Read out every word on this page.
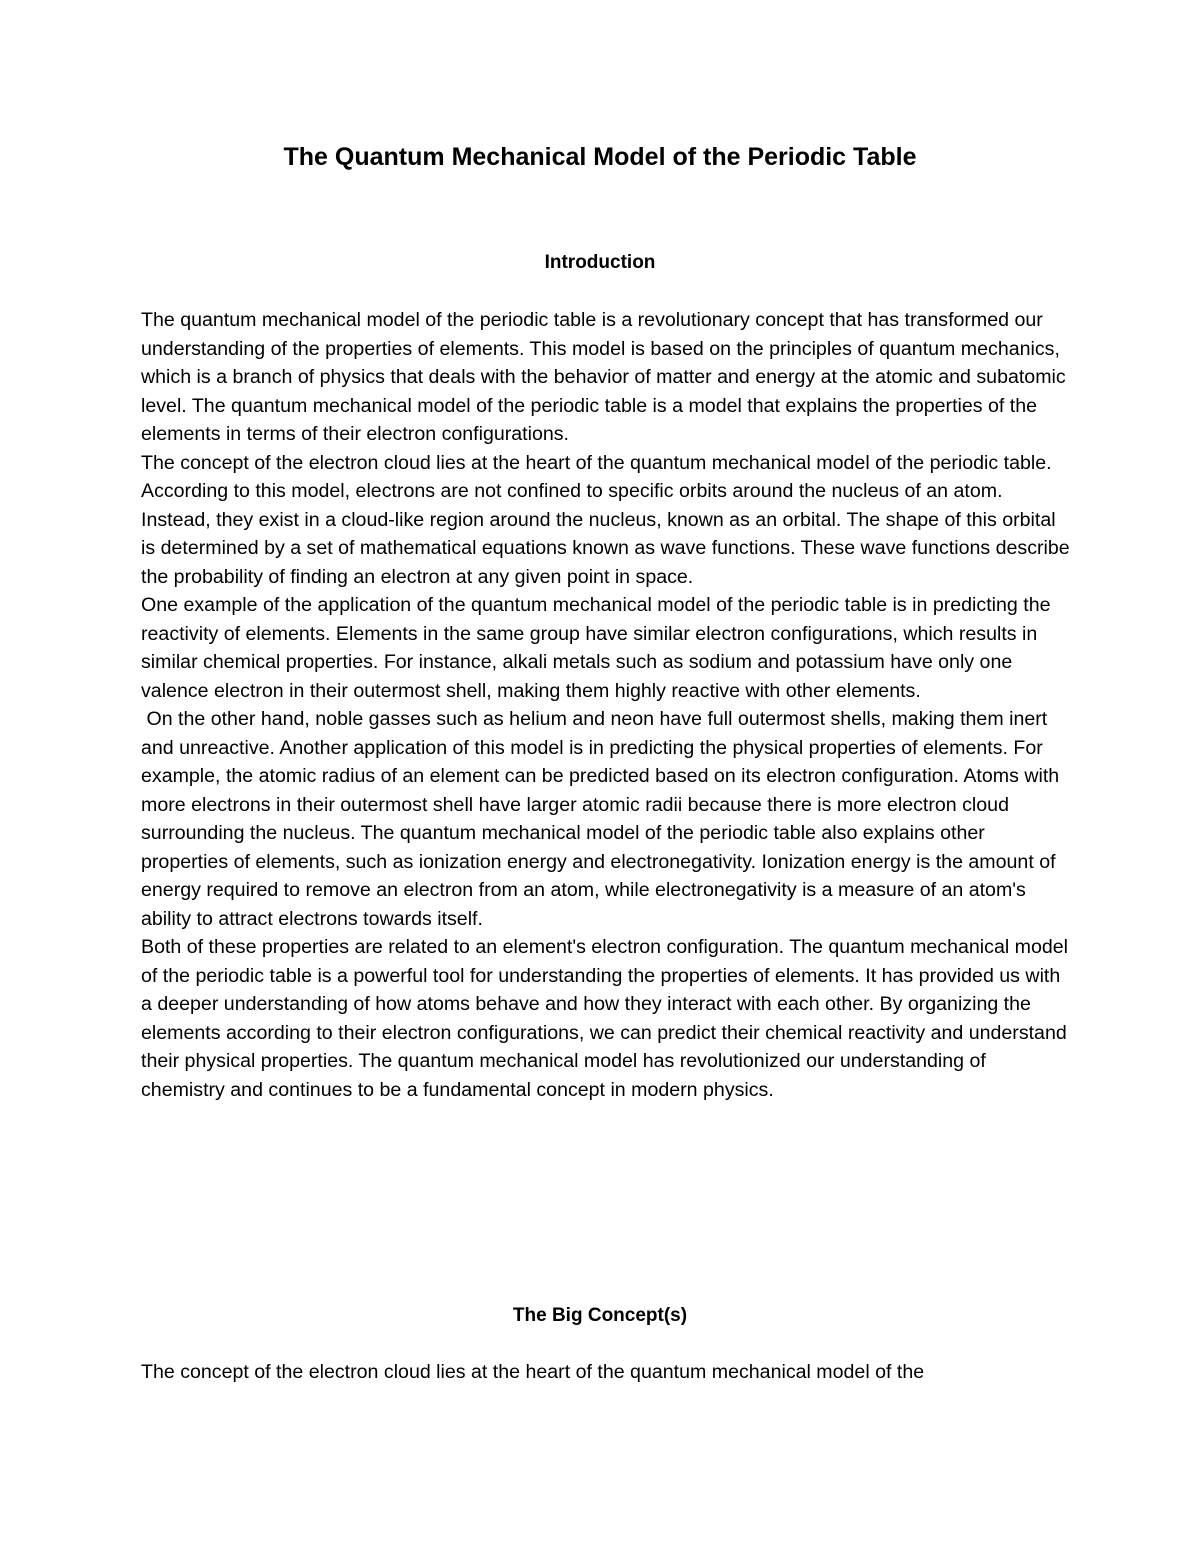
The Quantum Mechanical Model of the Periodic Table
Introduction

The quantum mechanical model of the periodic table is a revolutionary concept that has transformed our understanding of the properties of elements. This model is based on the principles of quantum mechanics, which is a branch of physics that deals with the behavior of matter and energy at the atomic and subatomic level. The quantum mechanical model of the periodic table is a model that explains the properties of the elements in terms of their electron configurations.

The concept of the electron cloud lies at the heart of the quantum mechanical model of the periodic table. According to this model, electrons are not confined to specific orbits around the nucleus of an atom. Instead, they exist in a cloud-like region around the nucleus, known as an orbital. The shape of this orbital is determined by a set of mathematical equations known as wave functions. These wave functions describe the probability of finding an electron at any given point in space.

One example of the application of the quantum mechanical model of the periodic table is in predicting the reactivity of elements. Elements in the same group have similar electron configurations, which results in similar chemical properties. For instance, alkali metals such as sodium and potassium have only one valence electron in their outermost shell, making them highly reactive with other elements.

On the other hand, noble gasses such as helium and neon have full outermost shells, making them inert and unreactive. Another application of this model is in predicting the physical properties of elements. For example, the atomic radius of an element can be predicted based on its electron configuration. Atoms with more electrons in their outermost shell have larger atomic radii because there is more electron cloud surrounding the nucleus. The quantum mechanical model of the periodic table also explains other properties of elements, such as ionization energy and electronegativity. Ionization energy is the amount of energy required to remove an electron from an atom, while electronegativity is a measure of an atom's ability to attract electrons towards itself.

Both of these properties are related to an element's electron configuration. The quantum mechanical model of the periodic table is a powerful tool for understanding the properties of elements. It has provided us with a deeper understanding of how atoms behave and how they interact with each other. By organizing the elements according to their electron configurations, we can predict their chemical reactivity and understand their physical properties. The quantum mechanical model has revolutionized our understanding of chemistry and continues to be a fundamental concept in modern physics.

The Big Concept(s)

The concept of the electron cloud lies at the heart of the quantum mechanical model of the
